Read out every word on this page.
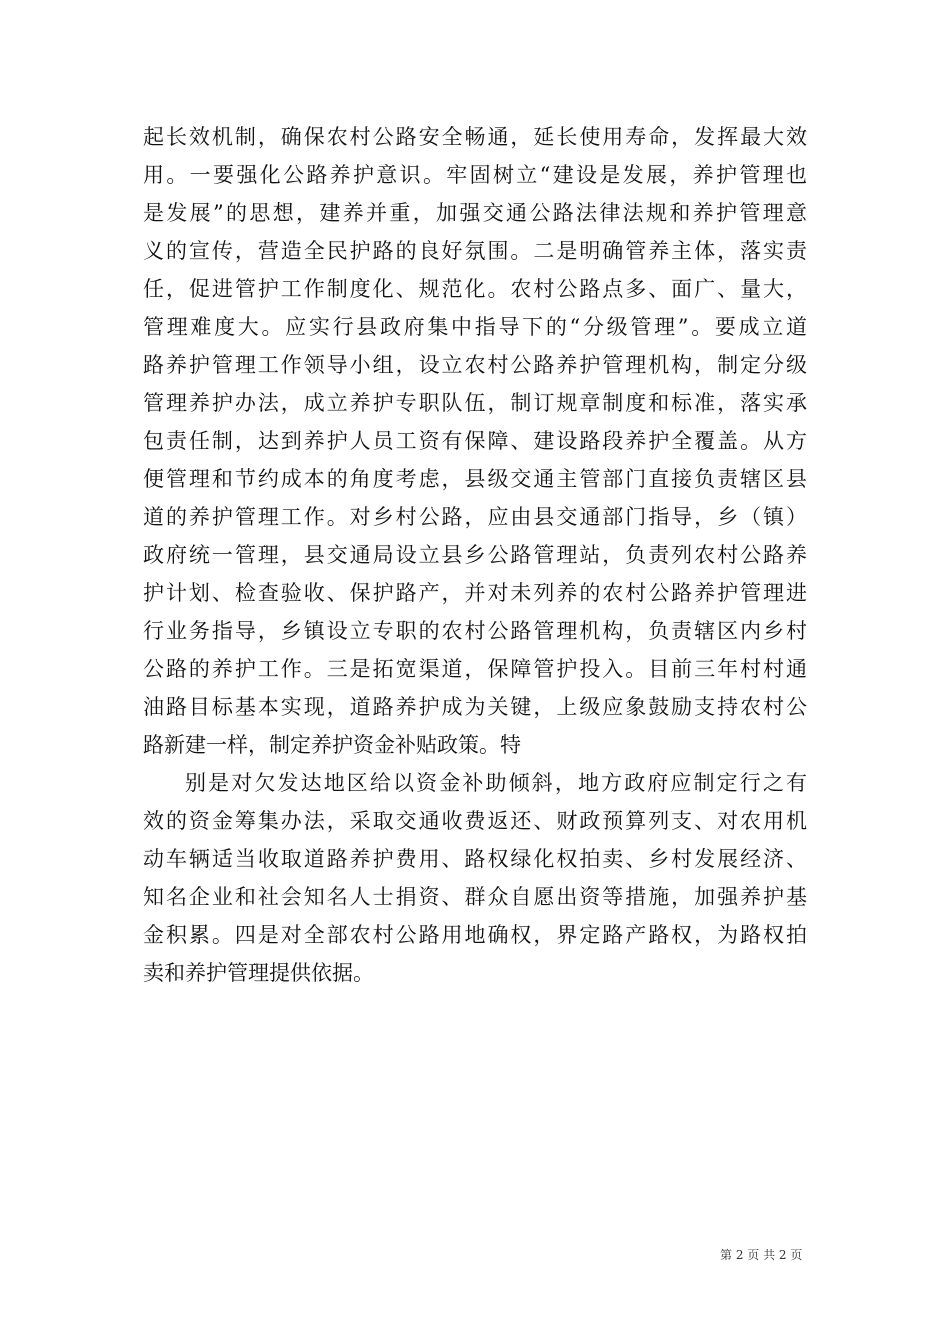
起长效机制，确保农村公路安全畅通，延长使用寿命，发挥最大效
用。一要强化公路养护意识。牢固树立“建设是发展，养护管理也
是发展”的思想，建养并重，加强交通公路法律法规和养护管理意
义的宣传，营造全民护路的良好氛围。二是明确管养主体，落实责
任，促进管护工作制度化、规范化。农村公路点多、面广、量大，
管理难度大。应实行县政府集中指导下的“分级管理”。要成立道
路养护管理工作领导小组，设立农村公路养护管理机构，制定分级
管理养护办法，成立养护专职队伍，制订规章制度和标准，落实承
包责任制，达到养护人员工资有保障、建设路段养护全覆盖。从方
便管理和节约成本的角度考虑，县级交通主管部门直接负责辖区县
道的养护管理工作。对乡村公路，应由县交通部门指导，乡（镇）
政府统一管理，县交通局设立县乡公路管理站，负责列农村公路养
护计划、检查验收、保护路产，并对未列养的农村公路养护管理进
行业务指导，乡镇设立专职的农村公路管理机构，负责辖区内乡村
公路的养护工作。三是拓宽渠道，保障管护投入。目前三年村村通
油路目标基本实现，道路养护成为关键，上级应象鼓励支持农村公
路新建一样，制定养护资金补贴政策。特
别是对欠发达地区给以资金补助倾斜，地方政府应制定行之有
效的资金筹集办法，采取交通收费返还、财政预算列支、对农用机
动车辆适当收取道路养护费用、路权绿化权拍卖、乡村发展经济、
知名企业和社会知名人士捐资、群众自愿出资等措施，加强养护基
金积累。四是对全部农村公路用地确权，界定路产路权，为路权拍
卖和养护管理提供依据。
第 2 页 共 2 页
